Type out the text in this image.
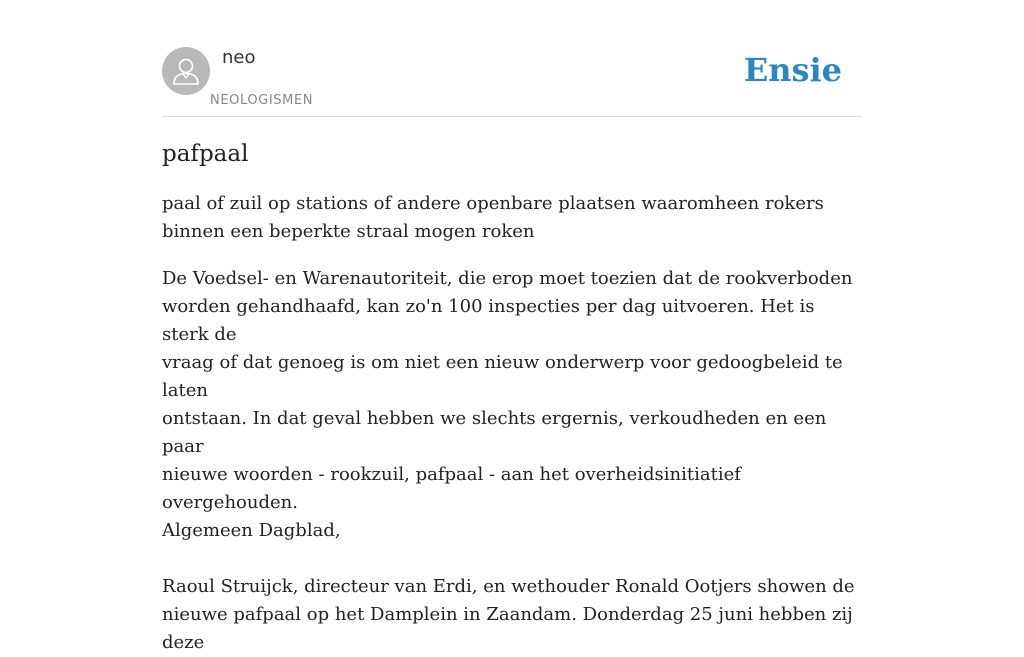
neo
NEOLOGISMEN
Ensie
pafpaal

paal of zuil op stations of andere openbare plaatsen waaromheen rokers binnen een beperkte straal mogen roken

De Voedsel- en Warenautoriteit, die erop moet toezien dat de rookverboden
worden gehandhaafd, kan zo'n 100 inspecties per dag uitvoeren. Het is sterk de
vraag of dat genoeg is om niet een nieuw onderwerp voor gedoogbeleid te laten
ontstaan. In dat geval hebben we slechts ergernis, verkoudheden en een paar
nieuwe woorden - rookzuil, pafpaal - aan het overheidsinitiatief overgehouden.
Algemeen Dagblad,
Raoul Struijck, directeur van Erdi, en wethouder Ronald Ootjers showen de
nieuwe pafpaal op het Damplein in Zaandam. Donderdag 25 juni hebben zij deze
